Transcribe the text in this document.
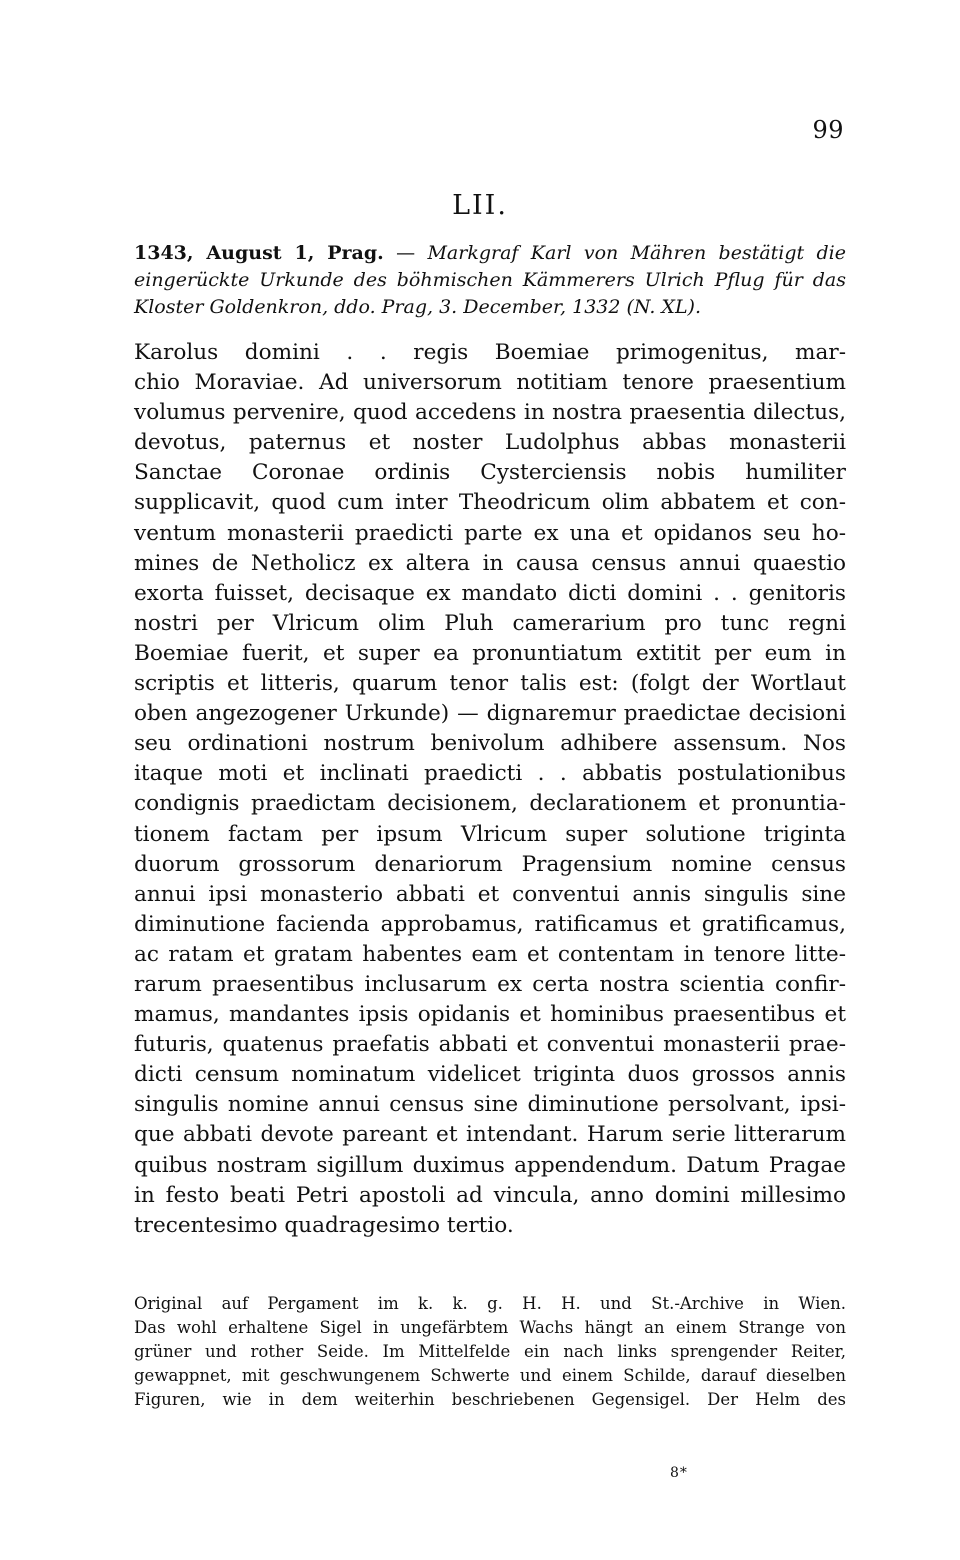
99
LII.
1343, August 1, Prag. — Markgraf Karl von Mähren bestätigt die
eingerückte Urkunde des böhmischen Kämmerers Ulrich Pflug für das
Kloster Goldenkron, ddo. Prag, 3. December, 1332 (N. XL).
Karolus domini . . regis Boemiae primogenitus, mar-
chio Moraviae. Ad universorum notitiam tenore praesentium
volumus pervenire, quod accedens in nostra praesentia dilectus,
devotus, paternus et noster Ludolphus abbas monasterii
Sanctae Coronae ordinis Cysterciensis nobis humiliter
supplicavit, quod cum inter Theodricum olim abbatem et con-
ventum monasterii praedicti parte ex una et opidanos seu ho-
mines de Netholicz ex altera in causa census annui quaestio
exorta fuisset, decisaque ex mandato dicti domini . . genitoris
nostri per Vlricum olim Pluh camerarium pro tunc regni
Boemiae fuerit, et super ea pronuntiatum extitit per eum in
scriptis et litteris, quarum tenor talis est: (folgt der Wortlaut
oben angezogener Urkunde) — dignaremur praedictae decisioni
seu ordinationi nostrum benivolum adhibere assensum. Nos
itaque moti et inclinati praedicti . . abbatis postulationibus
condignis praedictam decisionem, declarationem et pronuntia-
tionem factam per ipsum Vlricum super solutione triginta
duorum grossorum denariorum Pragensium nomine census
annui ipsi monasterio abbati et conventui annis singulis sine
diminutione facienda approbamus, ratificamus et gratificamus,
ac ratam et gratam habentes eam et contentam in tenore litte-
rarum praesentibus inclusarum ex certa nostra scientia confir-
mamus, mandantes ipsis opidanis et hominibus praesentibus et
futuris, quatenus praefatis abbati et conventui monasterii prae-
dicti censum nominatum videlicet triginta duos grossos annis
singulis nomine annui census sine diminutione persolvant, ipsi-
que abbati devote pareant et intendant. Harum serie litterarum
quibus nostram sigillum duximus appendendum. Datum Pragae
in festo beati Petri apostoli ad vincula, anno domini millesimo
trecentesimo quadragesimo tertio.
Original auf Pergament im k. k. g. H. H. und St.-Archive in Wien.
Das wohl erhaltene Sigel in ungefärbtem Wachs hängt an einem Strange von
grüner und rother Seide. Im Mittelfelde ein nach links sprengender Reiter,
gewappnet, mit geschwungenem Schwerte und einem Schilde, darauf dieselben
Figuren, wie in dem weiterhin beschriebenen Gegensigel. Der Helm des
8*
